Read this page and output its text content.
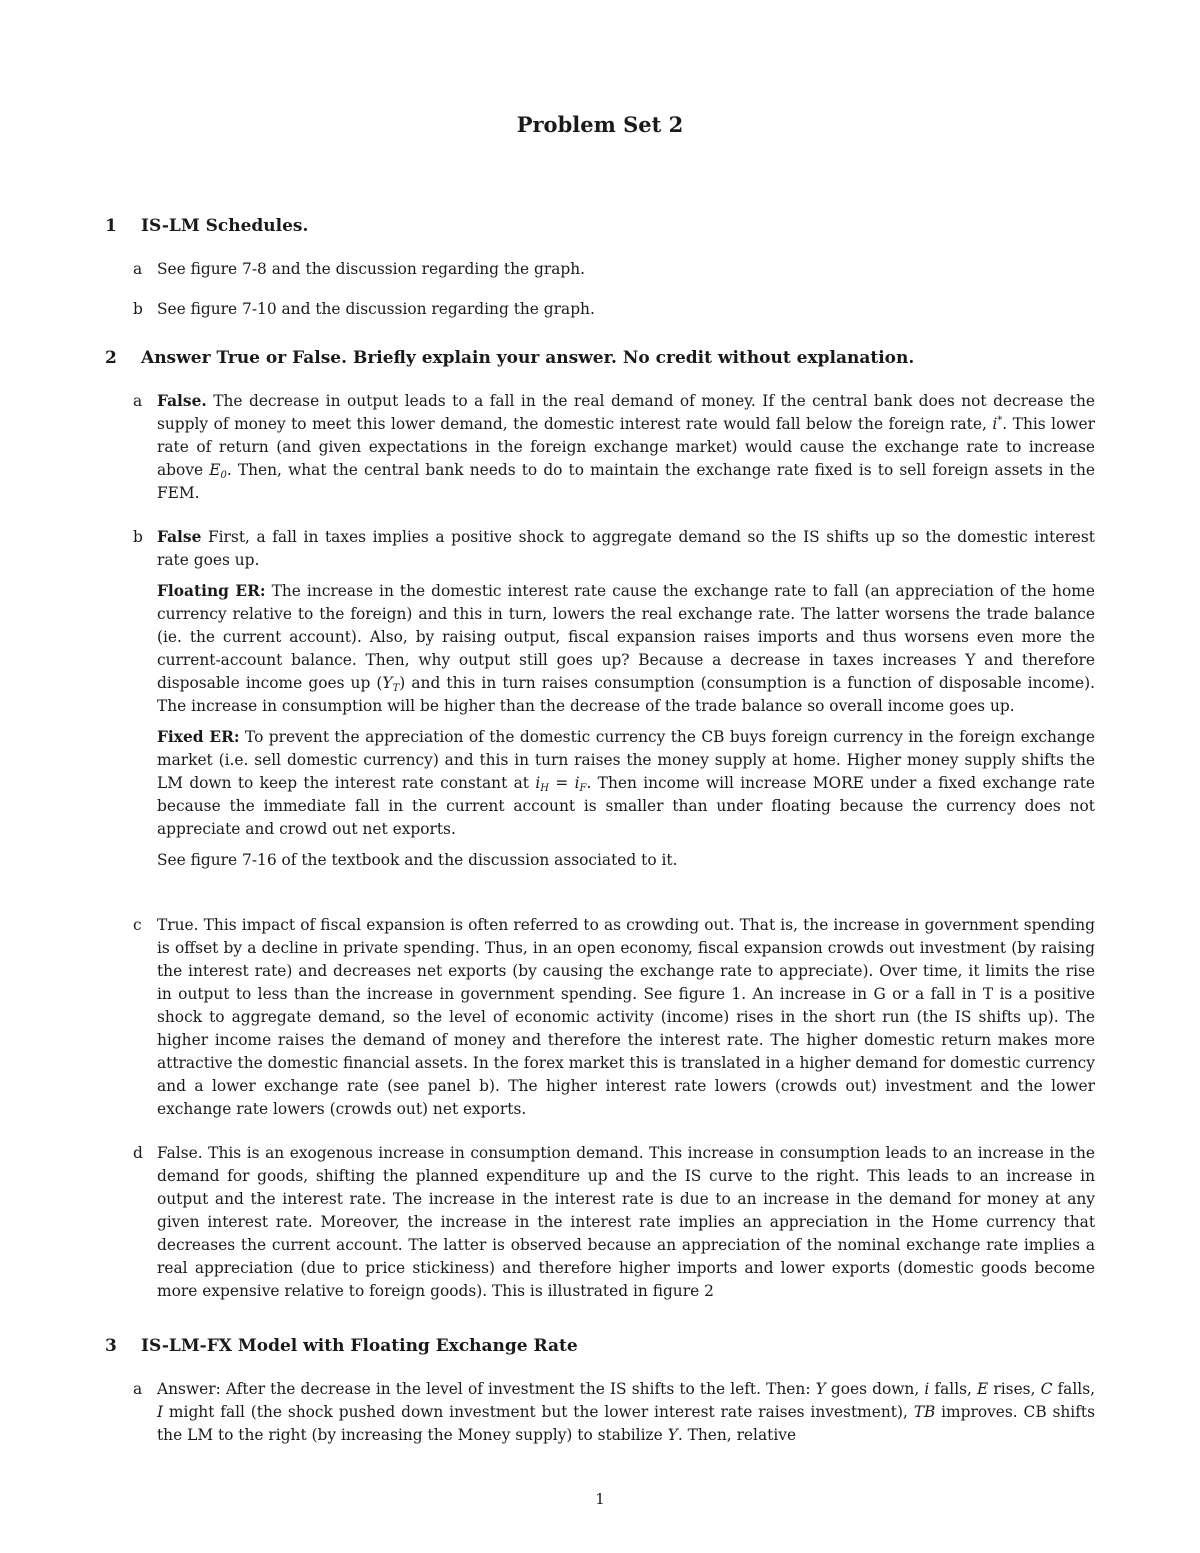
Problem Set 2
1 IS-LM Schedules.
a See figure 7-8 and the discussion regarding the graph.

b See figure 7-10 and the discussion regarding the graph.

2 Answer True or False. Briefly explain your answer. No credit without explanation.
a False. The decrease in output leads to a fall in the real demand of money. If the central bank does not decrease the supply of money to meet this lower demand, the domestic interest rate would fall below the foreign rate, i*. This lower rate of return (and given expectations in the foreign exchange market) would cause the exchange rate to increase above $E_0$. Then, what the central bank needs to do to maintain the exchange rate fixed is to sell foreign assets in the FEM.

b False First, a fall in taxes implies a positive shock to aggregate demand so the IS shifts up so the domestic interest rate goes up.

Floating ER: The increase in the domestic interest rate cause the exchange rate to fall (an appreciation of the home currency relative to the foreign) and this in turn, lowers the real exchange rate. The latter worsens the trade balance (ie. the current account). Also, by raising output, fiscal expansion raises imports and thus worsens even more the current-account balance. Then, why output still goes up? Because a decrease in taxes increases Y and therefore disposable income goes up $(Y_T)$ and this in turn raises consumption (consumption is a function of disposable income). The increase in consumption will be higher than the decrease of the trade balance so overall income goes up.

Fixed ER: To prevent the appreciation of the domestic currency the CB buys foreign currency in the foreign exchange market (i.e. sell domestic currency) and this in turn raises the money supply at home. Higher money supply shifts the LM down to keep the interest rate constant at $i_H = i_F$. Then income will increase MORE under a fixed exchange rate because the immediate fall in the current account is smaller than under floating because the currency does not appreciate and crowd out net exports.

See figure 7-16 of the textbook and the discussion associated to it.

c True. This impact of fiscal expansion is often referred to as crowding out. That is, the increase in government spending is offset by a decline in private spending. Thus, in an open economy, fiscal expansion crowds out investment (by raising the interest rate) and decreases net exports (by causing the exchange rate to appreciate). Over time, it limits the rise in output to less than the increase in government spending. See figure 1. An increase in G or a fall in T is a positive shock to aggregate demand, so the level of economic activity (income) rises in the short run (the IS shifts up). The higher income raises the demand of money and therefore the interest rate. The higher domestic return makes more attractive the domestic financial assets. In the forex market this is translated in a higher demand for domestic currency and a lower exchange rate (see panel b). The higher interest rate lowers (crowds out) investment and the lower exchange rate lowers (crowds out) net exports.

d False. This is an exogenous increase in consumption demand. This increase in consumption leads to an increase in the demand for goods, shifting the planned expenditure up and the IS curve to the right. This leads to an increase in output and the interest rate. The increase in the interest rate is due to an increase in the demand for money at any given interest rate. Moreover, the increase in the interest rate implies an appreciation in the Home currency that decreases the current account. The latter is observed because an appreciation of the nominal exchange rate implies a real appreciation (due to price stickiness) and therefore higher imports and lower exports (domestic goods become more expensive relative to foreign goods). This is illustrated in figure 2

3 IS-LM-FX Model with Floating Exchange Rate
a Answer: After the decrease in the level of investment the IS shifts to the left. Then: Y goes down, i falls, E rises, C falls, I might fall (the shock pushed down investment but the lower interest rate raises investment), TB improves. CB shifts the LM to the right (by increasing the Money supply) to stabilize Y. Then, relative

1
